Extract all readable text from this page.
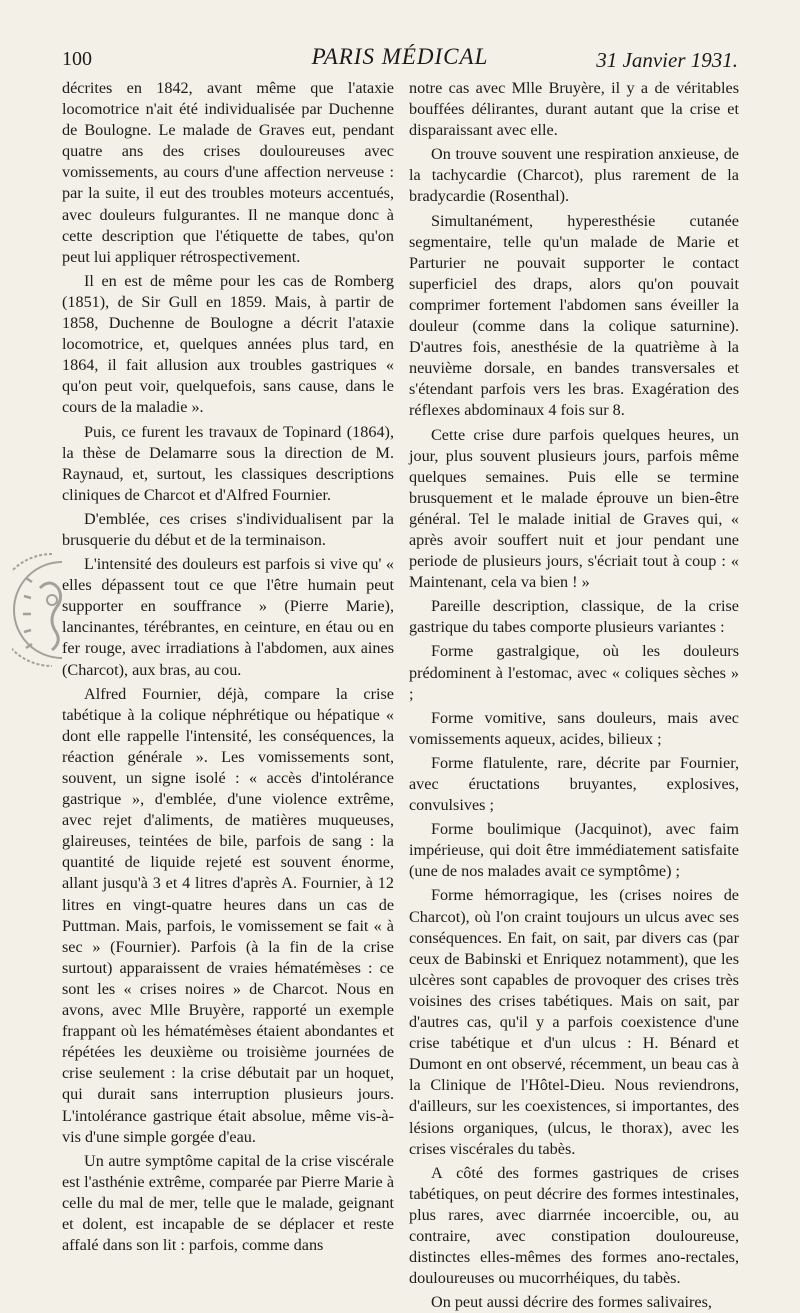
100	PARIS MÉDICAL	31 Janvier 1931.

décrites en 1842, avant même que l'ataxie locomotrice n'ait été individualisée par Duchenne de Boulogne. Le malade de Graves eut, pendant quatre ans des crises douloureuses avec vomissements, au cours d'une affection nerveuse : par la suite, il eut des troubles moteurs accentués, avec douleurs fulgurantes. Il ne manque donc à cette description que l'étiquette de tabes, qu'on peut lui appliquer rétrospectivement.

Il en est de même pour les cas de Romberg (1851), de Sir Gull en 1859. Mais, à partir de 1858, Duchenne de Boulogne a décrit l'ataxie locomotrice, et, quelques années plus tard, en 1864, il fait allusion aux troubles gastriques « qu'on peut voir, quelquefois, sans cause, dans le cours de la maladie ».

Puis, ce furent les travaux de Topinard (1864), la thèse de Delamarre sous la direction de M. Raynaud, et, surtout, les classiques descriptions cliniques de Charcot et d'Alfred Fournier.

D'emblée, ces crises s'individualisent par la brusquerie du début et de la terminaison.

L'intensité des douleurs est parfois si vive qu' « elles dépassent tout ce que l'être humain peut supporter en souffrance » (Pierre Marie), lancinantes, térébrantes, en ceinture, en étau ou en fer rouge, avec irradiations à l'abdomen, aux aines (Charcot), aux bras, au cou.

Alfred Fournier, déjà, compare la crise tabétique à la colique néphrétique ou hépatique « dont elle rappelle l'intensité, les conséquences, la réaction générale ». Les vomissements sont, souvent, un signe isolé : « accès d'intolérance gastrique », d'emblée, d'une violence extrême, avec rejet d'aliments, de matières muqueuses, glaireuses, teintées de bile, parfois de sang : la quantité de liquide rejeté est souvent énorme, allant jusqu'à 3 et 4 litres d'après A. Fournier, à 12 litres en vingt-quatre heures dans un cas de Puttman. Mais, parfois, le vomissement se fait « à sec » (Fournier). Parfois (à la fin de la crise surtout) apparaissent de vraies hématémèses : ce sont les « crises noires » de Charcot. Nous en avons, avec Mlle Bruyère, rapporté un exemple frappant où les hématémèses étaient abondantes et répétées les deuxième ou troisième journées de crise seulement : la crise débutait par un hoquet, qui durait sans interruption plusieurs jours. L'intolérance gastrique était absolue, même vis-à-vis d'une simple gorgée d'eau.

Un autre symptôme capital de la crise viscérale est l'asthénie extrême, comparée par Pierre Marie à celle du mal de mer, telle que le malade, geignant et dolent, est incapable de se déplacer et reste affalé dans son lit : parfois, comme dans

notre cas avec Mlle Bruyère, il y a de véritables bouffées délirantes, durant autant que la crise et disparaissant avec elle.

On trouve souvent une respiration anxieuse, de la tachycardie (Charcot), plus rarement de la bradycardie (Rosenthal).

Simultanément, hyperesthésie cutanée segmentaire, telle qu'un malade de Marie et Parturier ne pouvait supporter le contact superficiel des draps, alors qu'on pouvait comprimer fortement l'abdomen sans éveiller la douleur (comme dans la colique saturnine). D'autres fois, anesthésie de la quatrième à la neuvième dorsale, en bandes transversales et s'étendant parfois vers les bras. Exagération des réflexes abdominaux 4 fois sur 8.

Cette crise dure parfois quelques heures, un jour, plus souvent plusieurs jours, parfois même quelques semaines. Puis elle se termine brusquement et le malade éprouve un bien-être général. Tel le malade initial de Graves qui, « après avoir souffert nuit et jour pendant une periode de plusieurs jours, s'écriait tout à coup : « Maintenant, cela va bien ! »

Pareille description, classique, de la crise gastrique du tabes comporte plusieurs variantes :

Forme gastralgique, où les douleurs prédominent à l'estomac, avec « coliques sèches » ;

Forme vomitive, sans douleurs, mais avec vomissements aqueux, acides, bilieux ;

Forme flatulente, rare, décrite par Fournier, avec éructations bruyantes, explosives, convulsives ;

Forme boulimique (Jacquinot), avec faim impérieuse, qui doit être immédiatement satisfaite (une de nos malades avait ce symptôme) ;

Forme hémorragique, les (crises noires de Charcot), où l'on craint toujours un ulcus avec ses conséquences. En fait, on sait, par divers cas (par ceux de Babinski et Enriquez notamment), que les ulcères sont capables de provoquer des crises très voisines des crises tabétiques. Mais on sait, par d'autres cas, qu'il y a parfois coexistence d'une crise tabétique et d'un ulcus : H. Bénard et Dumont en ont observé, récemment, un beau cas à la Clinique de l'Hôtel-Dieu. Nous reviendrons, d'ailleurs, sur les coexistences, si importantes, des lésions organiques, (ulcus, le thorax), avec les crises viscérales du tabès.

A côté des formes gastriques de crises tabétiques, on peut décrire des formes intestinales, plus rares, avec diarrnée incoercible, ou, au contraire, avec constipation douloureuse, distinctes elles-mêmes des formes ano-rectales, douloureuses ou mucorrhéiques, du tabès.

On peut aussi décrire des formes salivaires,
